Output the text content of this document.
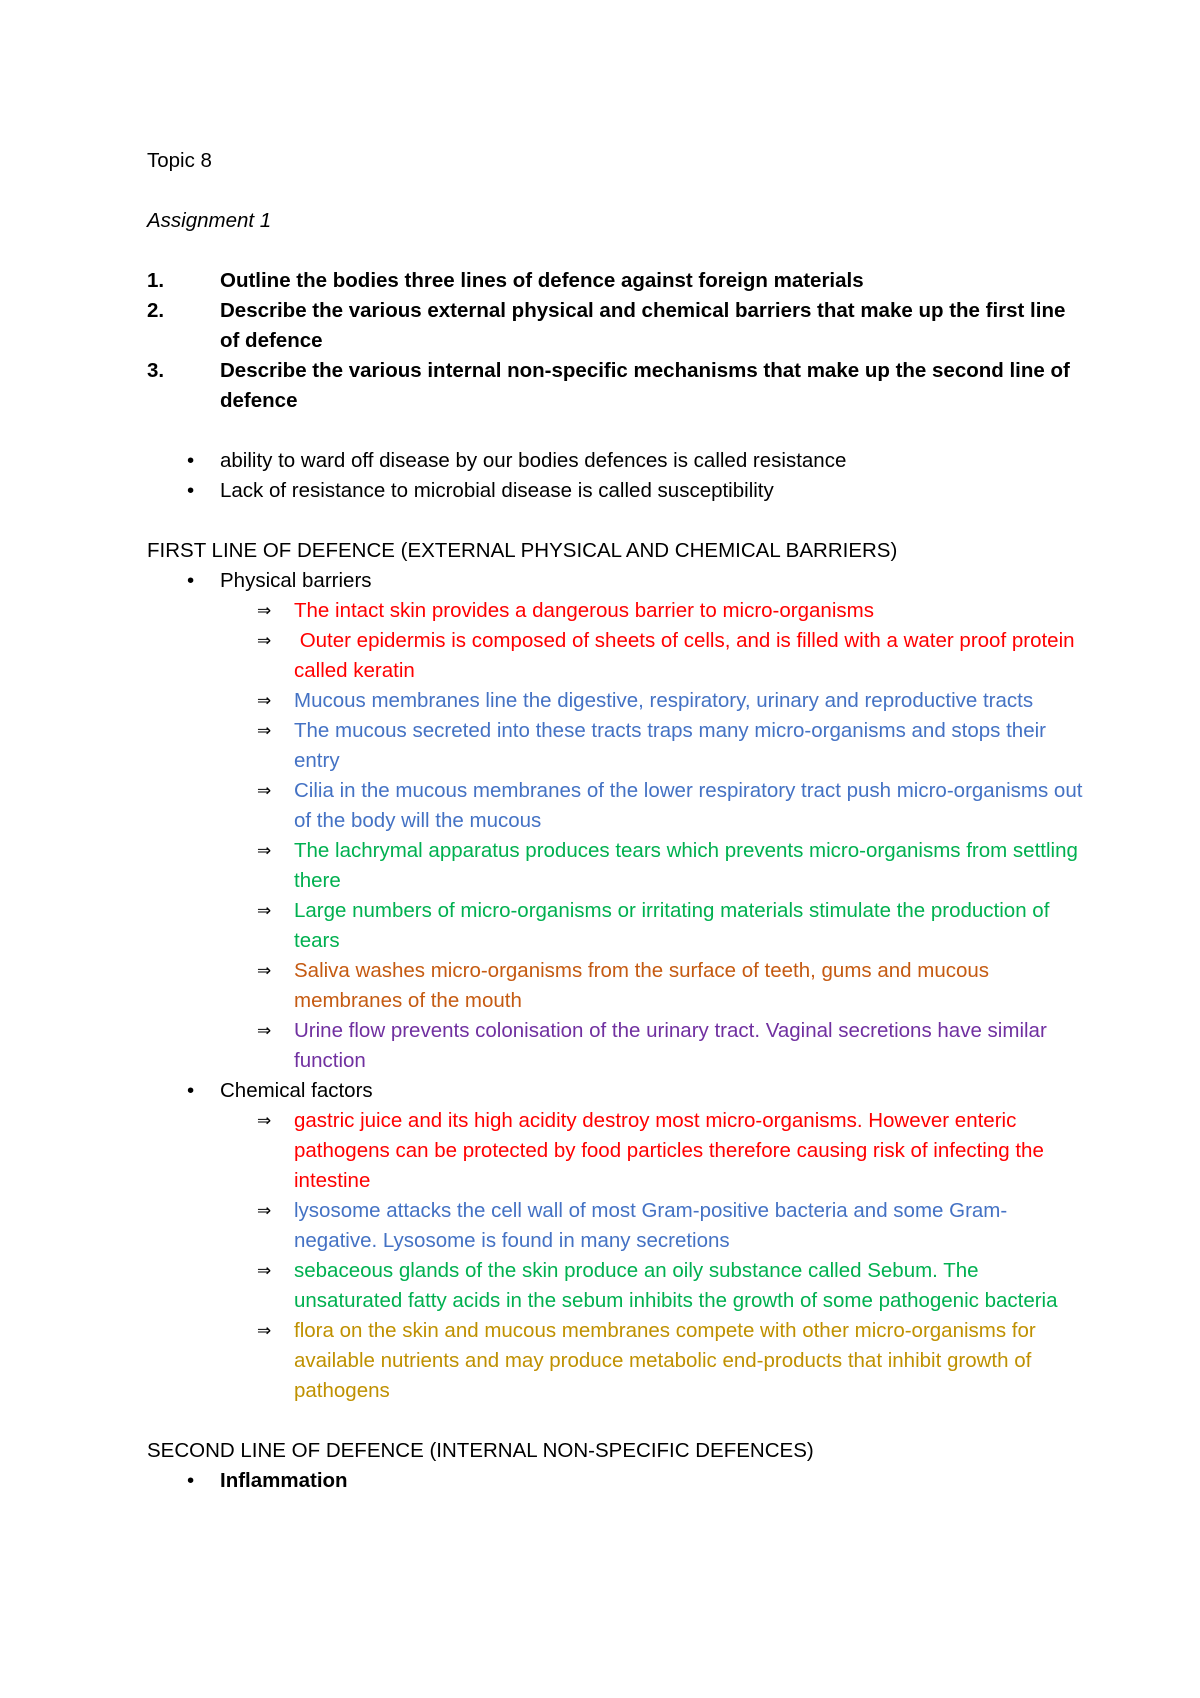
Topic 8

Assignment 1

1.	Outline the bodies three lines of defence against foreign materials
2.	Describe the various external physical and chemical barriers that make up the first line of defence
3.	Describe the various internal non-specific mechanisms that make up the second line of defence
• ability to ward off disease by our bodies defences is called resistance
• Lack of resistance to microbial disease is called susceptibility

FIRST LINE OF DEFENCE (EXTERNAL PHYSICAL AND CHEMICAL BARRIERS)

• Physical barriers
⇒ The intact skin provides a dangerous barrier to micro-organisms
⇒ Outer epidermis is composed of sheets of cells, and is filled with a water proof protein called keratin
⇒ Mucous membranes line the digestive, respiratory, urinary and reproductive tracts
⇒ The mucous secreted into these tracts traps many micro-organisms and stops their entry
⇒ Cilia in the mucous membranes of the lower respiratory tract push micro-organisms out of the body will the mucous
⇒ The lachrymal apparatus produces tears which prevents micro-organisms from settling there
⇒ Large numbers of micro-organisms or irritating materials stimulate the production of tears
⇒ Saliva washes micro-organisms from the surface of teeth, gums and mucous membranes of the mouth
⇒ Urine flow prevents colonisation of the urinary tract. Vaginal secretions have similar function
• Chemical factors
⇒ gastric juice and its high acidity destroy most micro-organisms. However enteric pathogens can be protected by food particles therefore causing risk of infecting the intestine
⇒ lysosome attacks the cell wall of most Gram-positive bacteria and some Gram-negative. Lysosome is found in many secretions
⇒ sebaceous glands of the skin produce an oily substance called Sebum. The unsaturated fatty acids in the sebum inhibits the growth of some pathogenic bacteria
⇒ flora on the skin and mucous membranes compete with other micro-organisms for available nutrients and may produce metabolic end-products that inhibit growth of pathogens

SECOND LINE OF DEFENCE (INTERNAL NON-SPECIFIC DEFENCES)

• Inflammation
